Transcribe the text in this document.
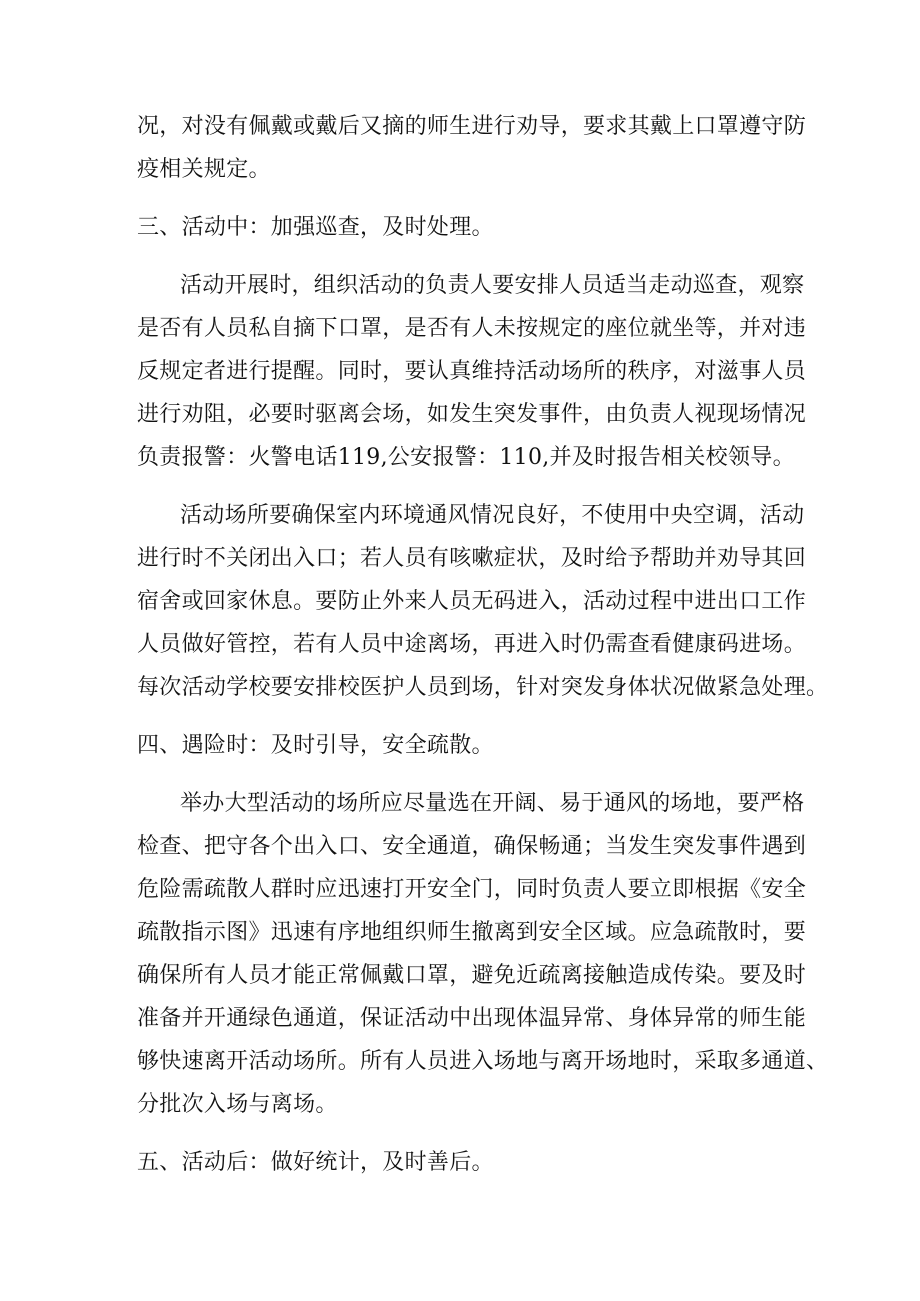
况，对没有佩戴或戴后又摘的师生进行劝导，要求其戴上口罩遵守防
疫相关规定。
三、活动中：加强巡查，及时处理。
活动开展时，组织活动的负责人要安排人员适当走动巡查，观察
是否有人员私自摘下口罩，是否有人未按规定的座位就坐等，并对违
反规定者进行提醒。同时，要认真维持活动场所的秩序，对滋事人员
进行劝阻，必要时驱离会场，如发生突发事件，由负责人视现场情况
负责报警：火警电话119,公安报警：110,并及时报告相关校领导。
活动场所要确保室内环境通风情况良好，不使用中央空调，活动
进行时不关闭出入口；若人员有咳嗽症状，及时给予帮助并劝导其回
宿舍或回家休息。要防止外来人员无码进入，活动过程中进出口工作
人员做好管控，若有人员中途离场，再进入时仍需查看健康码进场。
每次活动学校要安排校医护人员到场，针对突发身体状况做紧急处理。
四、遇险时：及时引导，安全疏散。
举办大型活动的场所应尽量选在开阔、易于通风的场地，要严格
检查、把守各个出入口、安全通道，确保畅通；当发生突发事件遇到
危险需疏散人群时应迅速打开安全门，同时负责人要立即根据《安全
疏散指示图》迅速有序地组织师生撤离到安全区域。应急疏散时，要
确保所有人员才能正常佩戴口罩，避免近疏离接触造成传染。要及时
准备并开通绿色通道，保证活动中出现体温异常、身体异常的师生能
够快速离开活动场所。所有人员进入场地与离开场地时，采取多通道、
分批次入场与离场。
五、活动后：做好统计，及时善后。
